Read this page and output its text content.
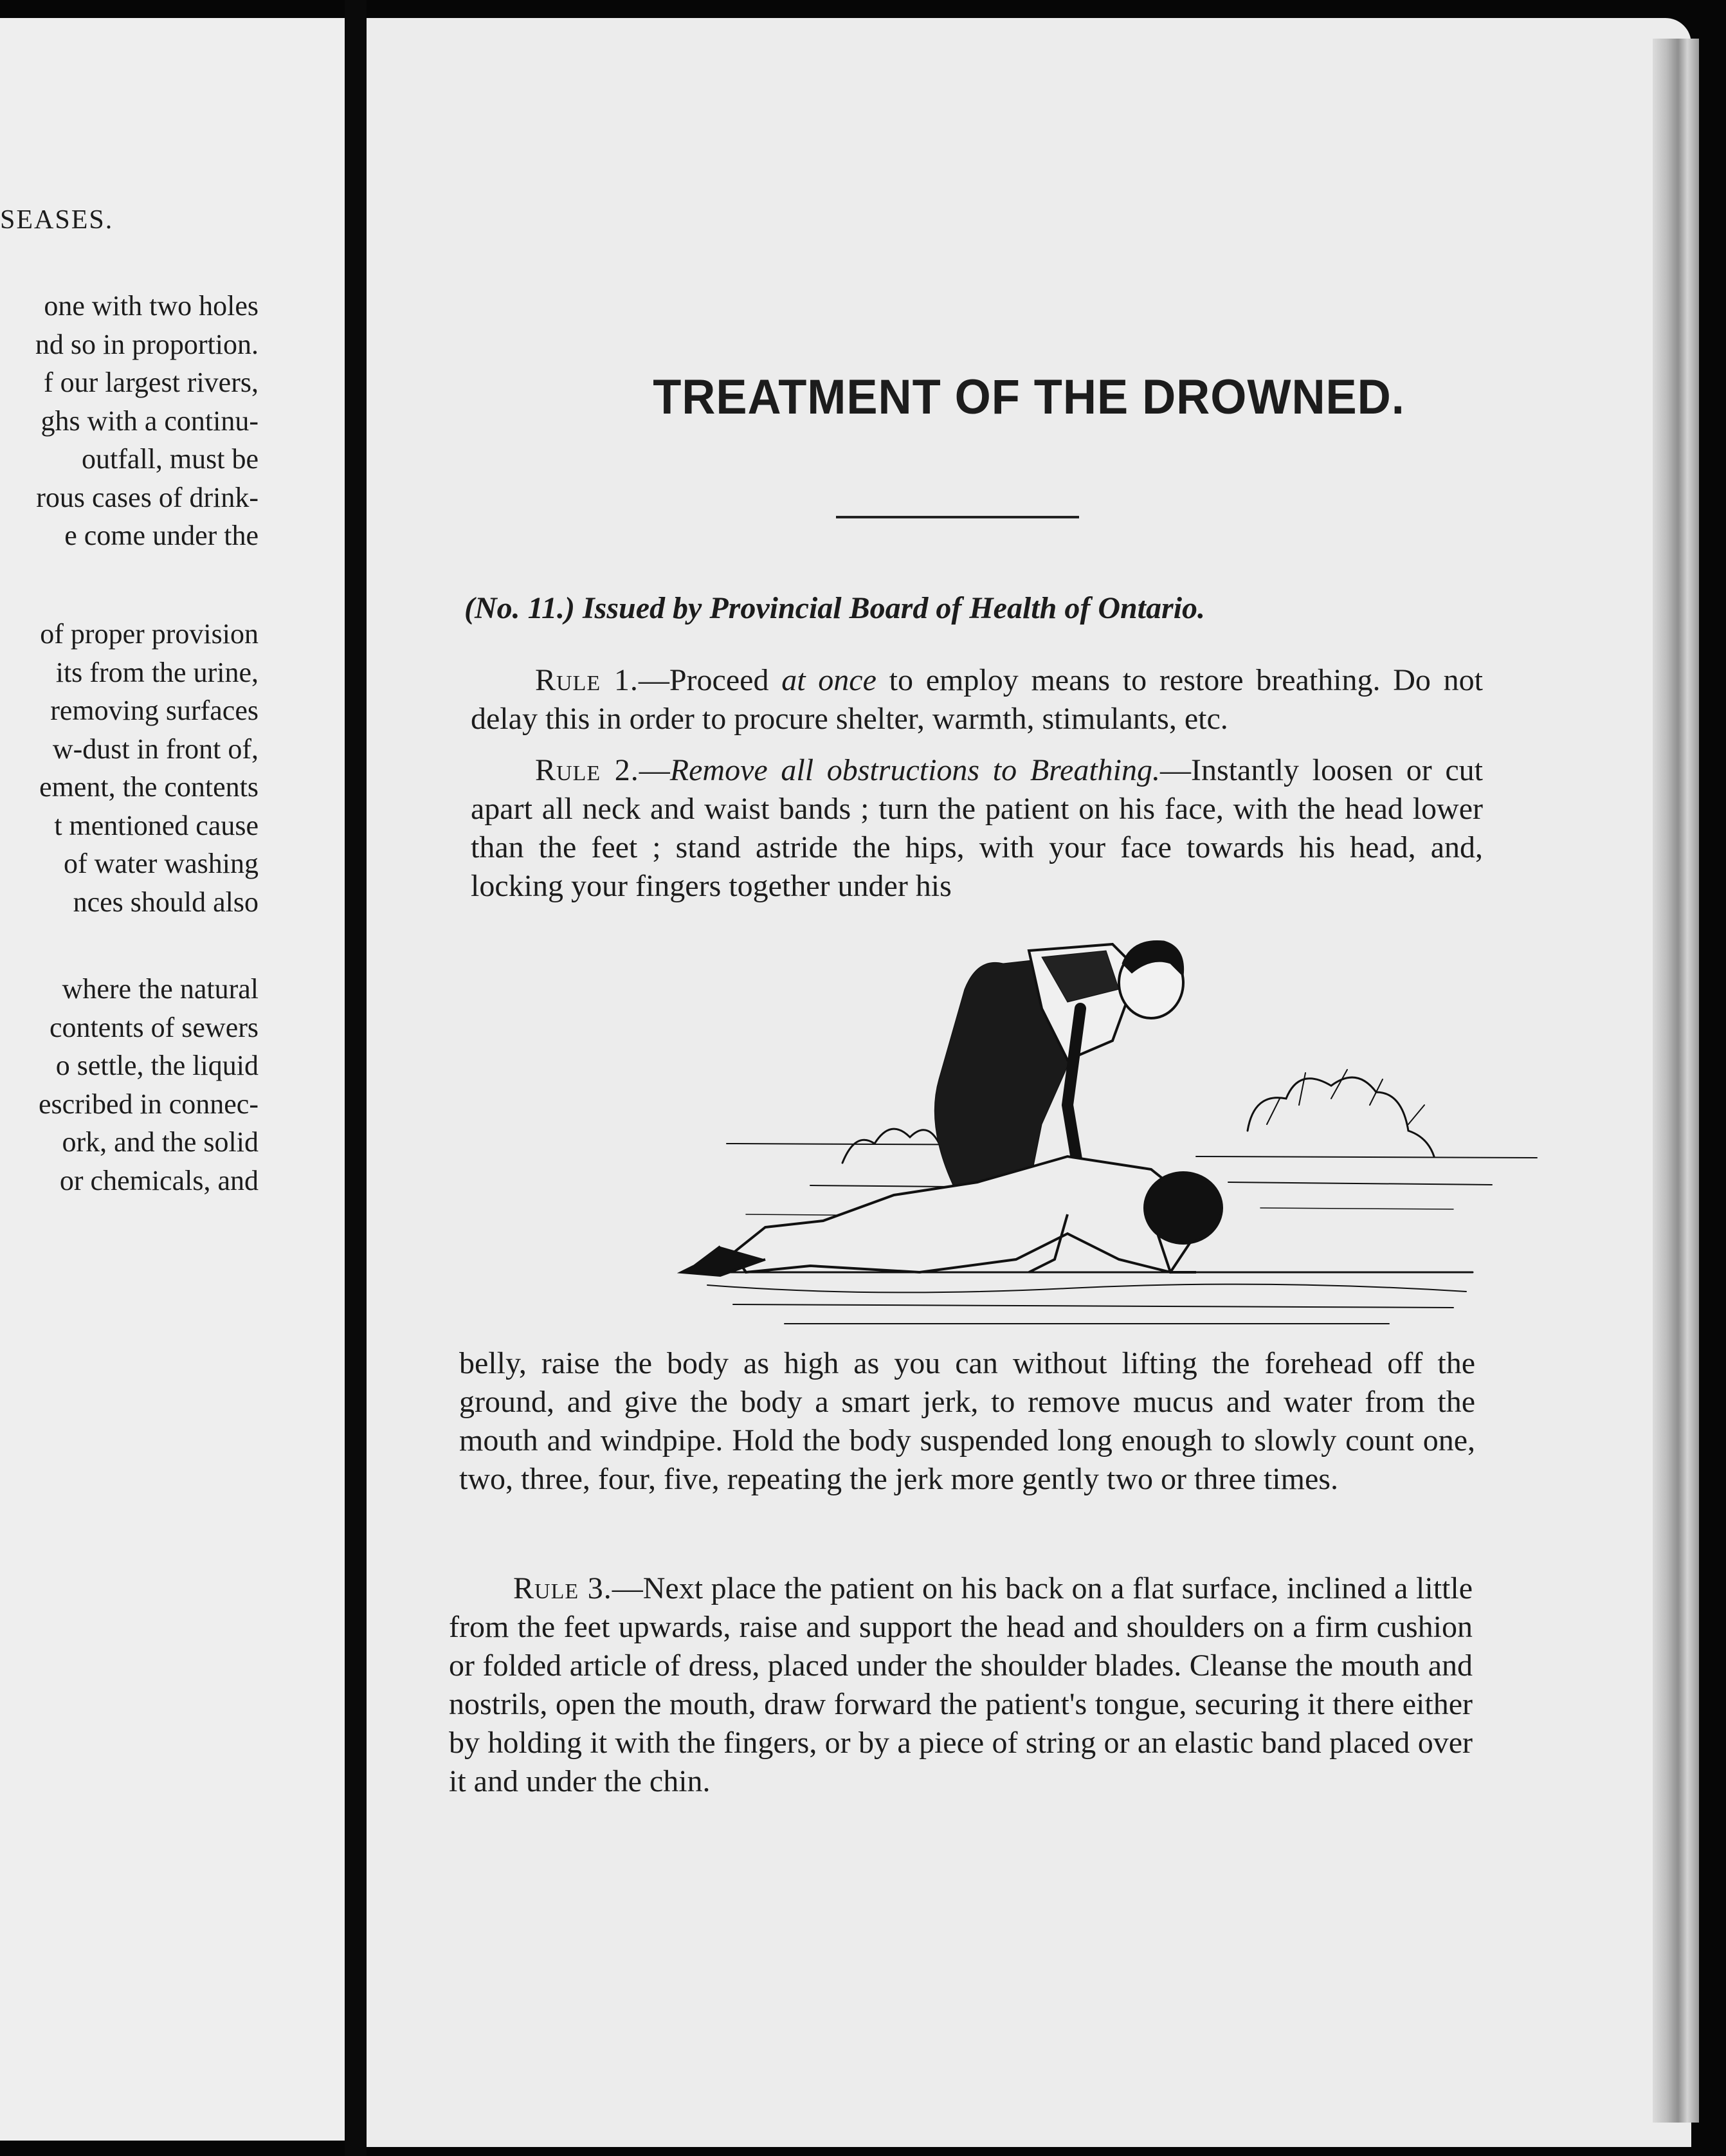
SEASES.

one with two holes
nd so in proportion.
f our largest rivers,
ghs with a continu-
outfall, must be
rous cases of drink-
e come under the
of proper provision
its from the urine,
removing surfaces
w-dust in front of,
ement, the contents
t mentioned cause
of water washing
nces should also
where the natural
contents of sewers
o settle, the liquid
escribed in connec-
ork, and the solid
or chemicals, and
TREATMENT OF THE DROWNED.

(No. 11.) Issued by Provincial Board of Health of Ontario.

Rule 1.—Proceed at once to employ means to restore breathing. Do not delay this in order to procure shelter, warmth, stimulants, etc.

Rule 2.—Remove all obstructions to Breathing.—Instantly loosen or cut apart all neck and waist bands ; turn the patient on his face, with the head lower than the feet ; stand astride the hips, with your face towards his head, and, locking your fingers together under his

belly, raise the body as high as you can without lifting the forehead off the ground, and give the body a smart jerk, to remove mucus and water from the mouth and windpipe. Hold the body suspended long enough to slowly count one, two, three, four, five, repeating the jerk more gently two or three times.

Rule 3.—Next place the patient on his back on a flat surface, inclined a little from the feet upwards, raise and support the head and shoulders on a firm cushion or folded article of dress, placed under the shoulder blades. Cleanse the mouth and nostrils, open the mouth, draw forward the patient's tongue, securing it there either by holding it with the fingers, or by a piece of string or an elastic band placed over it and under the chin.
